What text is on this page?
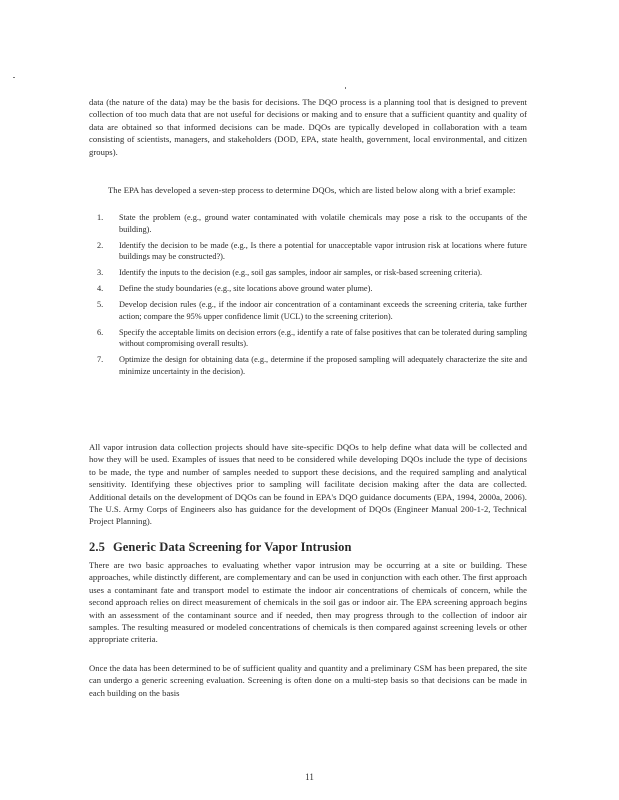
data (the nature of the data) may be the basis for decisions. The DQO process is a planning tool that is designed to prevent collection of too much data that are not useful for decisions or making and to ensure that a sufficient quantity and quality of data are obtained so that informed decisions can be made. DQOs are typically developed in collaboration with a team consisting of scientists, managers, and stakeholders (DOD, EPA, state health, government, local environmental, and citizen groups).

The EPA has developed a seven-step process to determine DQOs, which are listed below along with a brief example:

1. State the problem (e.g., ground water contaminated with volatile chemicals may pose a risk to the occupants of the building).
2. Identify the decision to be made (e.g., Is there a potential for unacceptable vapor intrusion risk at locations where future buildings may be constructed?).
3. Identify the inputs to the decision (e.g., soil gas samples, indoor air samples, or risk-based screening criteria).
4. Define the study boundaries (e.g., site locations above ground water plume).
5. Develop decision rules (e.g., if the indoor air concentration of a contaminant exceeds the screening criteria, take further action; compare the 95% upper confidence limit (UCL) to the screening criterion).
6. Specify the acceptable limits on decision errors (e.g., identify a rate of false positives that can be tolerated during sampling without compromising overall results).
7. Optimize the design for obtaining data (e.g., determine if the proposed sampling will adequately characterize the site and minimize uncertainty in the decision).

All vapor intrusion data collection projects should have site-specific DQOs to help define what data will be collected and how they will be used. Examples of issues that need to be considered while developing DQOs include the type of decisions to be made, the type and number of samples needed to support these decisions, and the required sampling and analytical sensitivity. Identifying these objectives prior to sampling will facilitate decision making after the data are collected. Additional details on the development of DQOs can be found in EPA's DQO guidance documents (EPA, 1994, 2000a, 2006). The U.S. Army Corps of Engineers also has guidance for the development of DQOs (Engineer Manual 200-1-2, Technical Project Planning).

2.5 Generic Data Screening for Vapor Intrusion

There are two basic approaches to evaluating whether vapor intrusion may be occurring at a site or building. These approaches, while distinctly different, are complementary and can be used in conjunction with each other. The first approach uses a contaminant fate and transport model to estimate the indoor air concentrations of chemicals of concern, while the second approach relies on direct measurement of chemicals in the soil gas or indoor air. The EPA screening approach begins with an assessment of the contaminant source and if needed, then may progress through to the collection of indoor air samples. The resulting measured or modeled concentrations of chemicals is then compared against screening levels or other appropriate criteria.

Once the data has been determined to be of sufficient quality and quantity and a preliminary CSM has been prepared, the site can undergo a generic screening evaluation. Screening is often done on a multi-step basis so that decisions can be made in each building on the basis

11
